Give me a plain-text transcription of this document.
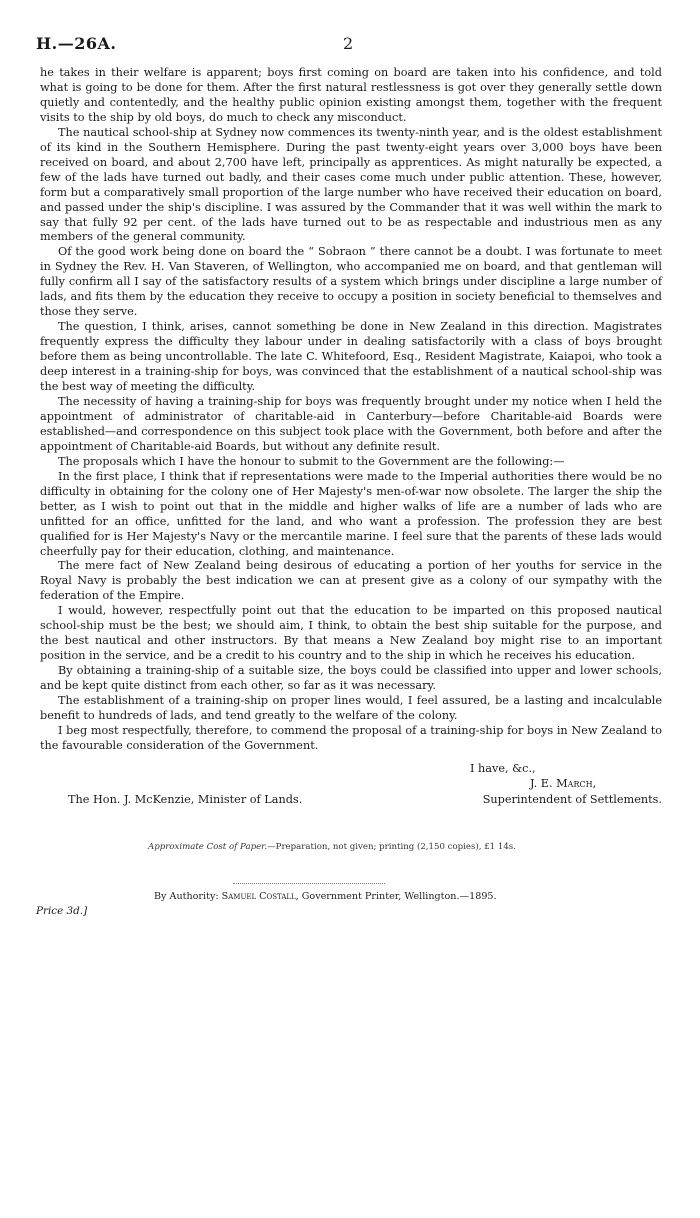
H.—26A.	2

he takes in their welfare is apparent; boys first coming on board are taken into his confidence, and told what is going to be done for them. After the first natural restlessness is got over they generally settle down quietly and contentedly, and the healthy public opinion existing amongst them, together with the frequent visits to the ship by old boys, do much to check any misconduct.

The nautical school-ship at Sydney now commences its twenty-ninth year, and is the oldest establishment of its kind in the Southern Hemisphere. During the past twenty-eight years over 3,000 boys have been received on board, and about 2,700 have left, principally as apprentices. As might naturally be expected, a few of the lads have turned out badly, and their cases come much under public attention. These, however, form but a comparatively small proportion of the large number who have received their education on board, and passed under the ship's discipline. I was assured by the Commander that it was well within the mark to say that fully 92 per cent. of the lads have turned out to be as respectable and industrious men as any members of the general community.

Of the good work being done on board the “ Sobraon ” there cannot be a doubt. I was fortunate to meet in Sydney the Rev. H. Van Staveren, of Wellington, who accompanied me on board, and that gentleman will fully confirm all I say of the satisfactory results of a system which brings under discipline a large number of lads, and fits them by the education they receive to occupy a position in society beneficial to themselves and those they serve.

The question, I think, arises, cannot something be done in New Zealand in this direction. Magistrates frequently express the difficulty they labour under in dealing satisfactorily with a class of boys brought before them as being uncontrollable. The late C. Whitefoord, Esq., Resident Magistrate, Kaiapoi, who took a deep interest in a training-ship for boys, was convinced that the establishment of a nautical school-ship was the best way of meeting the difficulty.

The necessity of having a training-ship for boys was frequently brought under my notice when I held the appointment of administrator of charitable-aid in Canterbury—before Charitable-aid Boards were established—and correspondence on this subject took place with the Government, both before and after the appointment of Charitable-aid Boards, but without any definite result.

The proposals which I have the honour to submit to the Government are the following:—

In the first place, I think that if representations were made to the Imperial authorities there would be no difficulty in obtaining for the colony one of Her Majesty's men-of-war now obsolete. The larger the ship the better, as I wish to point out that in the middle and higher walks of life are a number of lads who are unfitted for an office, unfitted for the land, and who want a profession. The profession they are best qualified for is Her Majesty's Navy or the mercantile marine. I feel sure that the parents of these lads would cheerfully pay for their education, clothing, and maintenance.

The mere fact of New Zealand being desirous of educating a portion of her youths for service in the Royal Navy is probably the best indication we can at present give as a colony of our sympathy with the federation of the Empire.

I would, however, respectfully point out that the education to be imparted on this proposed nautical school-ship must be the best; we should aim, I think, to obtain the best ship suitable for the purpose, and the best nautical and other instructors. By that means a New Zealand boy might rise to an important position in the service, and be a credit to his country and to the ship in which he receives his education.

By obtaining a training-ship of a suitable size, the boys could be classified into upper and lower schools, and be kept quite distinct from each other, so far as it was necessary.

The establishment of a training-ship on proper lines would, I feel assured, be a lasting and incalculable benefit to hundreds of lads, and tend greatly to the welfare of the colony.

I beg most respectfully, therefore, to commend the proposal of a training-ship for boys in New Zealand to the favourable consideration of the Government.

I have, &c.,
J. E. March,
Superintendent of Settlements.
The Hon. J. McKenzie, Minister of Lands.
Approximate Cost of Paper.—Preparation, not given; printing (2,150 copies), £1 14s.
By Authority: Samuel Costall, Government Printer, Wellington.—1895.
Price 3d.]
